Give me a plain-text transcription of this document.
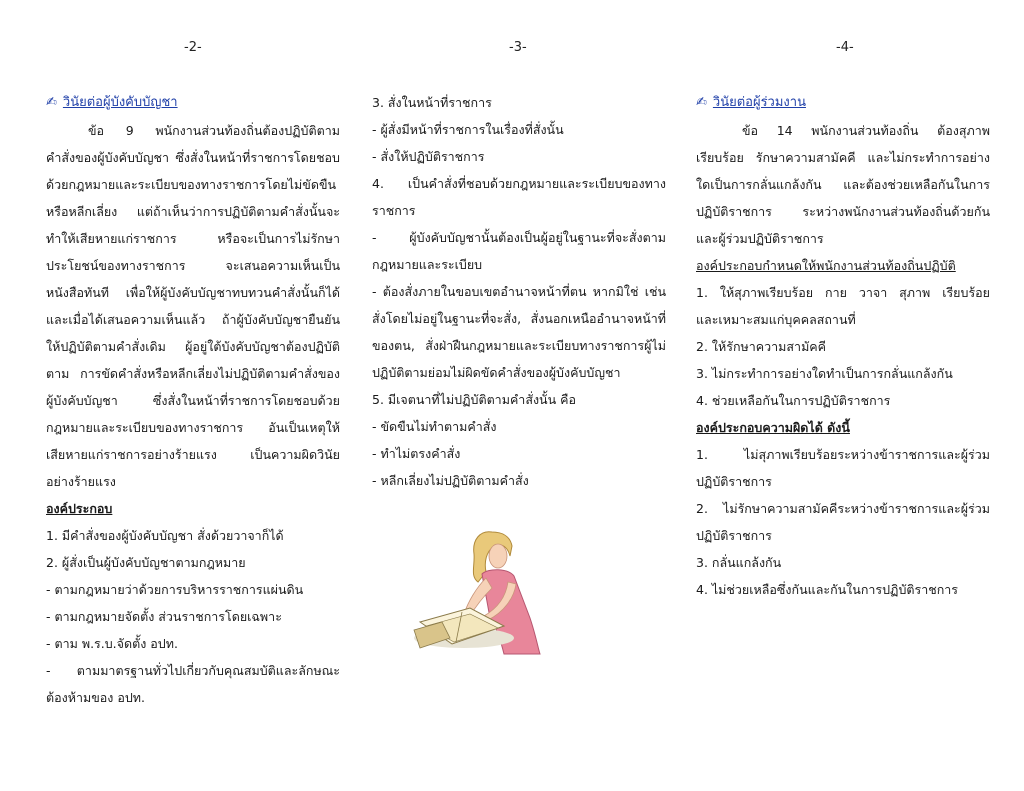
-2-	-3-	-4-
✍ วินัยต่อผู้บังคับบัญชา
ข้อ 9 พนักงานส่วนท้องถิ่นต้องปฏิบัติตาม
คำสั่งของผู้บังคับบัญชา ซึ่งสั่งในหน้าที่ราชการโดยชอบ
ด้วยกฎหมายและระเบียบของทางราชการโดยไม่ขัดขืน
หรือหลีกเลี่ยง แต่ถ้าเห็นว่าการปฏิบัติตามคำสั่งนั้นจะ
ทำให้เสียหายแก่ราชการ หรือจะเป็นการไม่รักษา
ประโยชน์ของทางราชการ จะเสนอความเห็นเป็น
หนังสือทันที เพื่อให้ผู้บังคับบัญชาทบทวนคำสั่งนั้นก็ได้
และเมื่อได้เสนอความเห็นแล้ว ถ้าผู้บังคับบัญชายืนยัน
ให้ปฏิบัติตามคำสั่งเดิม ผู้อยู่ใต้บังคับบัญชาต้องปฏิบัติ
ตาม การขัดคำสั่งหรือหลีกเลี่ยงไม่ปฏิบัติตามคำสั่งของ
ผู้บังคับบัญชา ซึ่งสั่งในหน้าที่ราชการโดยชอบด้วย
กฎหมายและระเบียบของทางราชการ อันเป็นเหตุให้
เสียหายแก่ราชการอย่างร้ายแรง เป็นความผิดวินัย
อย่างร้ายแรง
องค์ประกอบ
1. มีคำสั่งของผู้บังคับบัญชา สั่งด้วยวาจาก็ได้
2. ผู้สั่งเป็นผู้บังคับบัญชาตามกฎหมาย
- ตามกฎหมายว่าด้วยการบริหารราชการแผ่นดิน
- ตามกฎหมายจัดตั้ง ส่วนราชการโดยเฉพาะ
- ตาม พ.ร.บ.จัดตั้ง อปท.
- ตามมาตรฐานทั่วไปเกี่ยวกับคุณสมบัติและลักษณะ
ต้องห้ามของ อปท.
3. สั่งในหน้าที่ราชการ
- ผู้สั่งมีหน้าที่ราชการในเรื่องที่สั่งนั้น
- สั่งให้ปฏิบัติราชการ
4. เป็นคำสั่งที่ชอบด้วยกฎหมายและระเบียบของทาง
ราชการ
- ผู้บังคับบัญชานั้นต้องเป็นผู้อยู่ในฐานะที่จะสั่งตาม
กฎหมายและระเบียบ
- ต้องสั่งภายในขอบเขตอำนาจหน้าที่ตน หากมิใช่ เช่น
สั่งโดยไม่อยู่ในฐานะที่จะสั่ง, สั่งนอกเหนืออำนาจหน้าที่
ของตน, สั่งฝ่าฝืนกฎหมายและระเบียบทางราชการผู้ไม่
ปฏิบัติตามย่อมไม่ผิดขัดคำสั่งของผู้บังคับบัญชา
5. มีเจตนาที่ไม่ปฏิบัติตามคำสั่งนั้น คือ
- ขัดขืนไม่ทำตามคำสั่ง
- ทำไม่ตรงคำสั่ง
- หลีกเลี่ยงไม่ปฏิบัติตามคำสั่ง
✍ วินัยต่อผู้ร่วมงาน
ข้อ 14 พนักงานส่วนท้องถิ่น ต้องสุภาพ
เรียบร้อย รักษาความสามัคคี และไม่กระทำการอย่าง
ใดเป็นการกลั่นแกล้งกัน และต้องช่วยเหลือกันในการ
ปฏิบัติราชการ ระหว่างพนักงานส่วนท้องถิ่นด้วยกัน
และผู้ร่วมปฏิบัติราชการ
องค์ประกอบกำหนดให้พนักงานส่วนท้องถิ่นปฏิบัติ
1. ให้สุภาพเรียบร้อย กาย วาจา สุภาพ เรียบร้อย
และเหมาะสมแก่บุคคลสถานที่
2. ให้รักษาความสามัคคี
3. ไม่กระทำการอย่างใดทำเป็นการกลั่นแกล้งกัน
4. ช่วยเหลือกันในการปฏิบัติราชการ
องค์ประกอบความผิดได้ ดังนี้
1. ไม่สุภาพเรียบร้อยระหว่างข้าราชการและผู้ร่วม
ปฏิบัติราชการ
2. ไม่รักษาความสามัคคีระหว่างข้าราชการและผู้ร่วม
ปฏิบัติราชการ
3. กลั่นแกล้งกัน
4. ไม่ช่วยเหลือซึ่งกันและกันในการปฏิบัติราชการ
